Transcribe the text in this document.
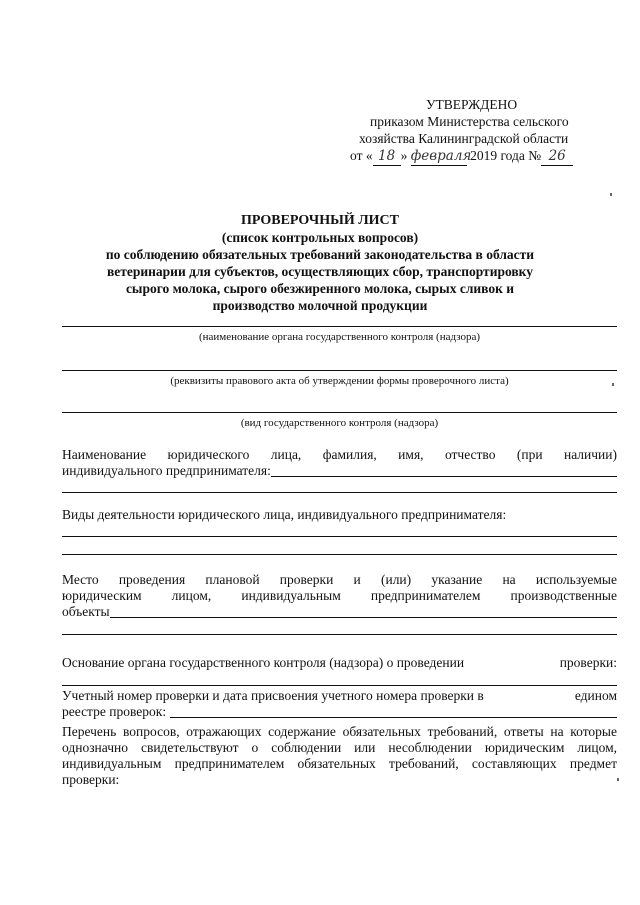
УТВЕРЖДЕНО
приказом Министерства сельского
хозяйства Калининградской области
от « 18 » февраля 2019 года № 26
ПРОВЕРОЧНЫЙ ЛИСТ
(список контрольных вопросов)
по соблюдению обязательных требований законодательства в области
ветеринарии для субъектов, осуществляющих сбор, транспортировку
сырого молока, сырого обезжиренного молока, сырых сливок и
производство молочной продукции
(наименование органа государственного контроля (надзора)
(реквизиты правового акта об утверждении формы проверочного листа)
(вид государственного контроля (надзора)
Наименование юридического лица, фамилия, имя, отчество (при наличии)
индивидуального предпринимателя:
Виды деятельности юридического лица, индивидуального предпринимателя:
Место проведения плановой проверки и (или) указание на используемые
юридическим лицом, индивидуальным предпринимателем производственные
объекты
Основание органа государственного контроля (надзора) о проведении	проверки:
Учетный номер проверки и дата присвоения учетного номера проверки в	едином
реестре проверок:
Перечень вопросов, отражающих содержание обязательных требований, ответы на которые однозначно свидетельствуют о соблюдении или несоблюдении юридическим лицом, индивидуальным предпринимателем обязательных требований, составляющих предмет проверки:
